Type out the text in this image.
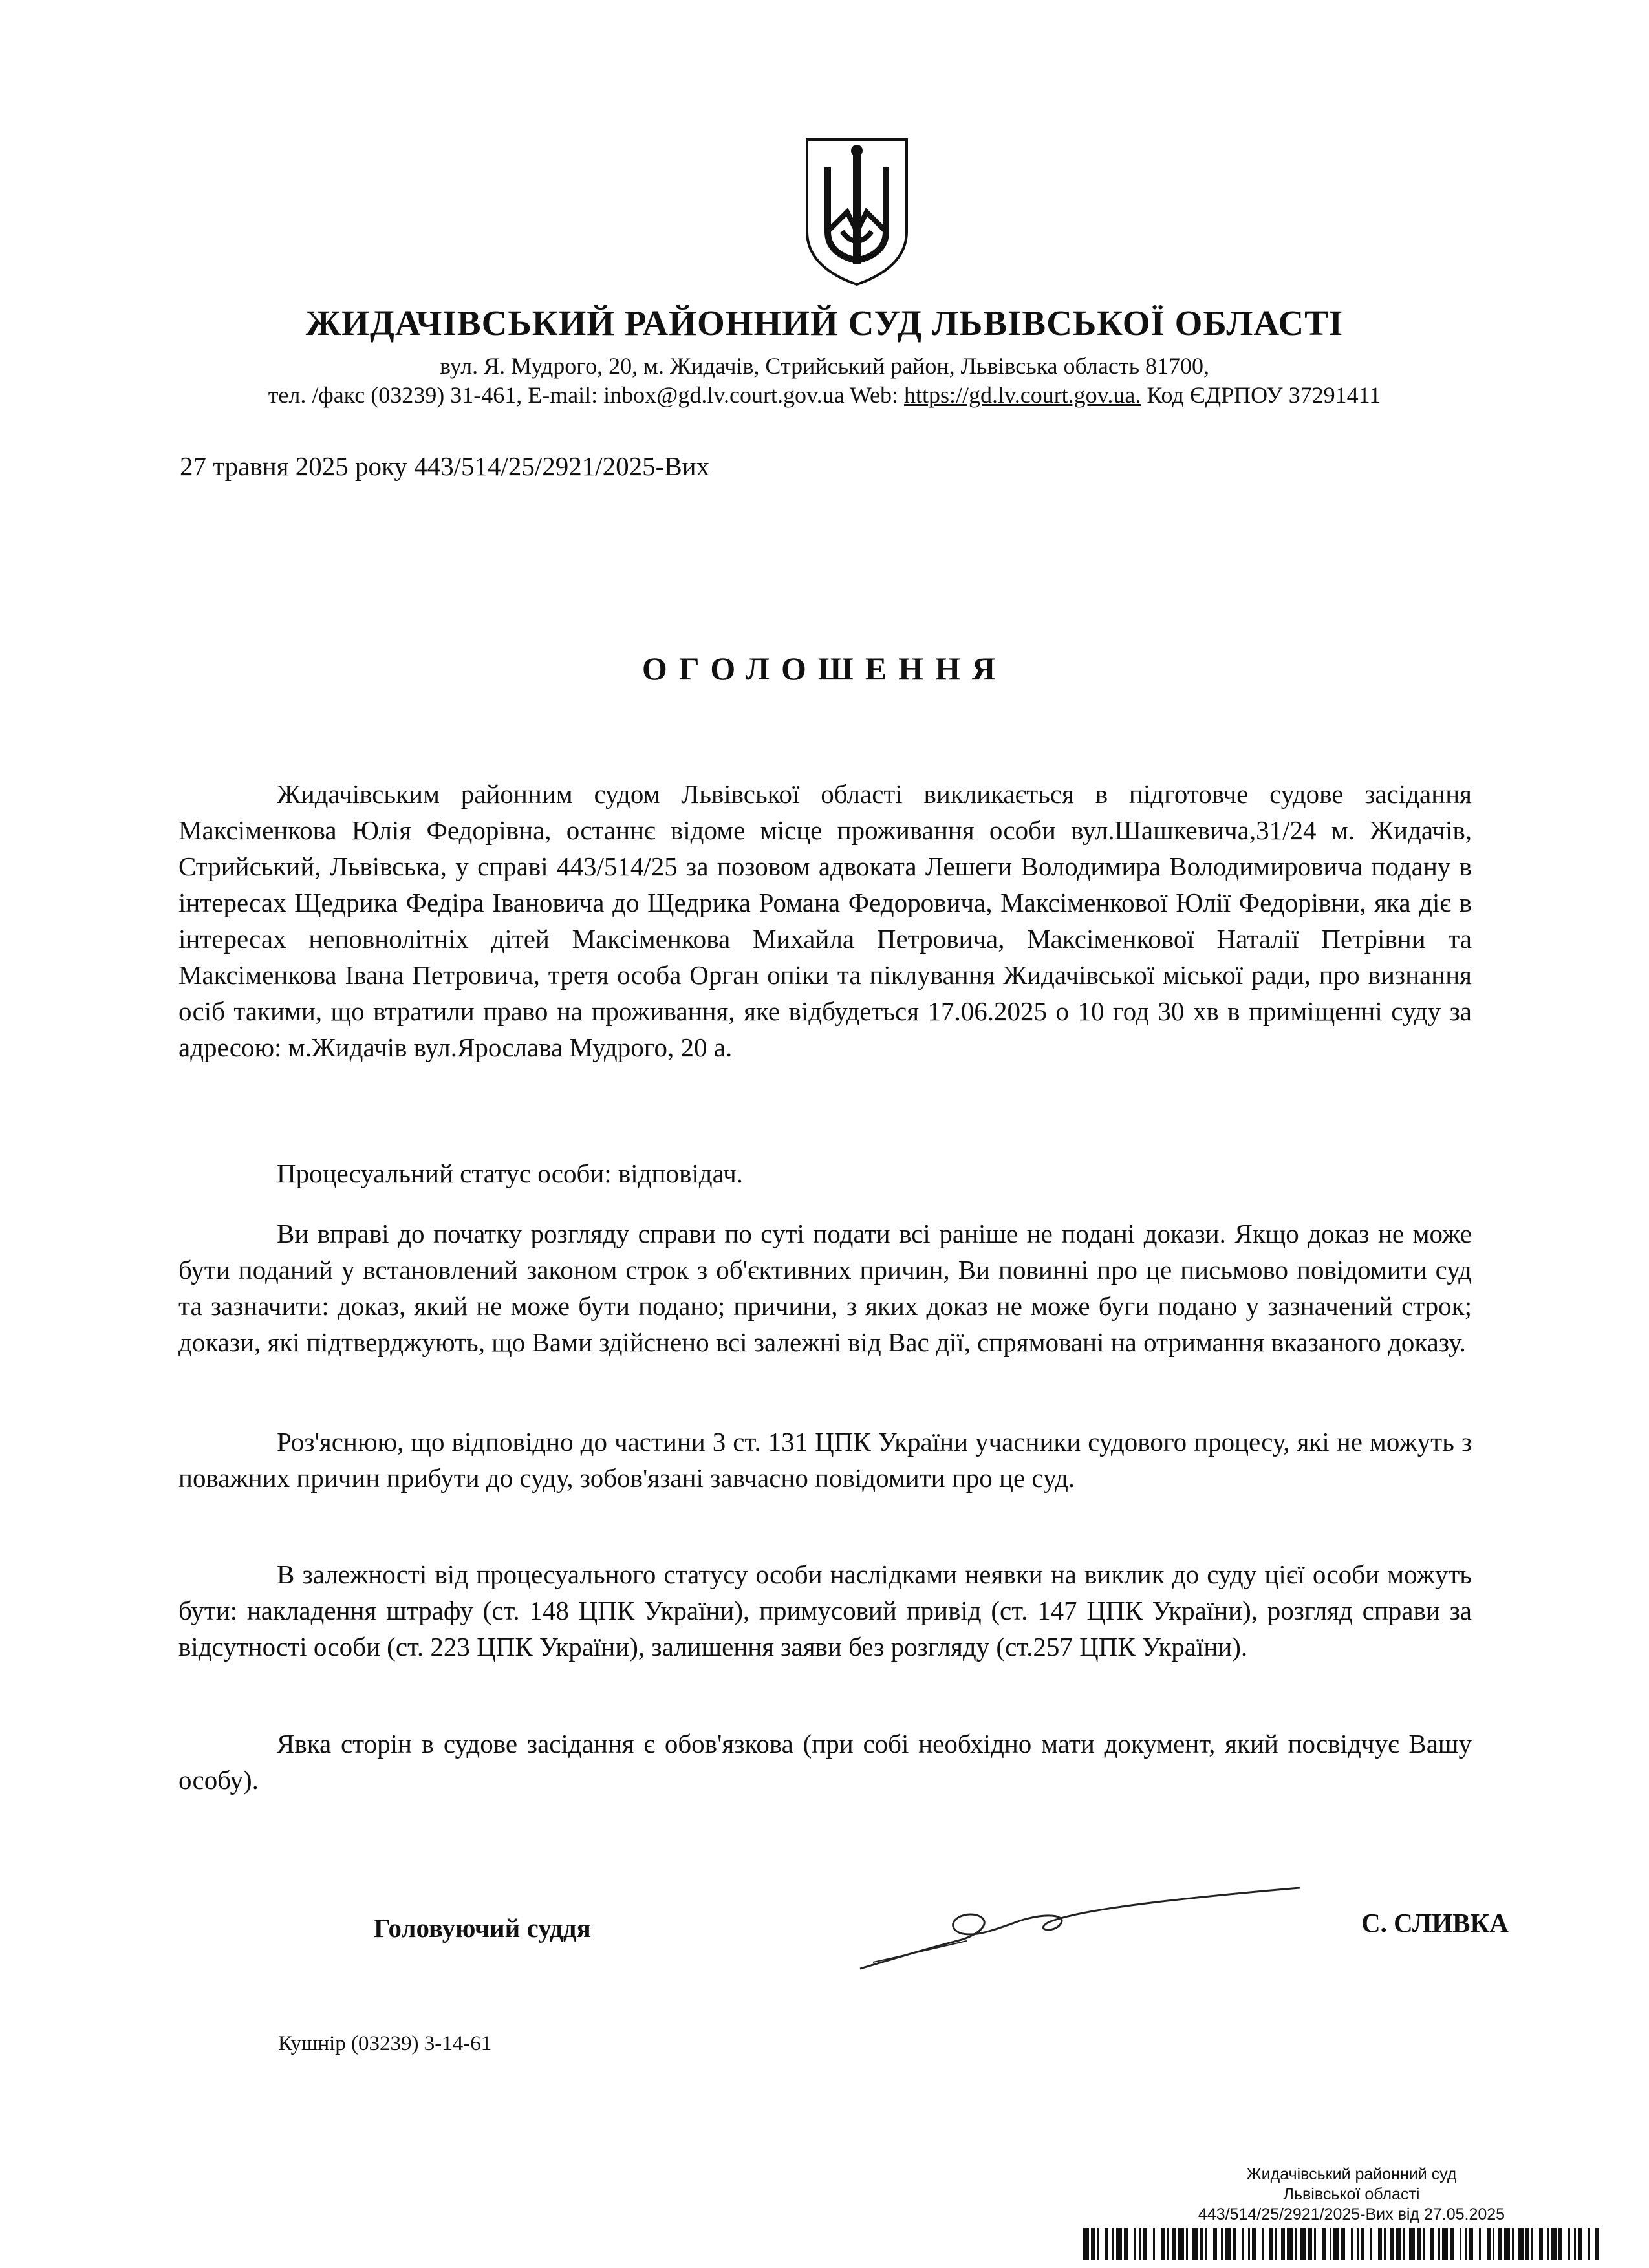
ЖИДАЧІВСЬКИЙ РАЙОННИЙ СУД ЛЬВІВСЬКОЇ ОБЛАСТІ
вул. Я. Мудрого, 20, м. Жидачів, Стрийський район, Львівська область 81700,
тел. /факс (03239) 31-461, E-mail: inbox@gd.lv.court.gov.ua Web: https://gd.lv.court.gov.ua. Код ЄДРПОУ 37291411
27 травня 2025 року 443/514/25/2921/2025-Вих
ОГОЛОШЕННЯ

Жидачівським районним судом Львівської області викликається в підготовче судове засідання Максіменкова Юлія Федорівна, останнє відоме місце проживання особи вул.Шашкевича,31/24 м. Жидачів, Стрийський, Львівська, у справі 443/514/25 за позовом адвоката Лешеги Володимира Володимировича подану в інтересах Щедрика Федіра Івановича до Щедрика Романа Федоровича, Максіменкової Юлії Федорівни, яка діє в інтересах неповнолітніх дітей Максіменкова Михайла Петровича, Максіменкової Наталії Петрівни та Максіменкова Івана Петровича, третя особа Орган опіки та піклування Жидачівської міської ради, про визнання осіб такими, що втратили право на проживання, яке відбудеться 17.06.2025 о 10 год 30 хв в приміщенні суду за адресою: м.Жидачів вул.Ярослава Мудрого, 20 а.

Процесуальний статус особи: відповідач.

Ви вправі до початку розгляду справи по суті подати всі раніше не подані докази. Якщо доказ не може бути поданий у встановлений законом строк з об'єктивних причин, Ви повинні про це письмово повідомити суд та зазначити: доказ, який не може бути подано; причини, з яких доказ не може буги подано у зазначений строк; докази, які підтверджують, що Вами здійснено всі залежні від Вас дії, спрямовані на отримання вказаного доказу.

Роз'яснюю, що відповідно до частини 3 ст. 131 ЦПК України учасники судового процесу, які не можуть з поважних причин прибути до суду, зобов'язані завчасно повідомити про це суд.

В залежності від процесуального статусу особи наслідками неявки на виклик до суду цієї особи можуть бути: накладення штрафу (ст. 148 ЦПК України), примусовий привід (ст. 147 ЦПК України), розгляд справи за відсутності особи (ст. 223 ЦПК України), залишення заяви без розгляду (ст.257 ЦПК України).

Явка сторін в судове засідання є обов'язкова (при собі необхідно мати документ, який посвідчує Вашу особу).

Головуючий суддя	С. СЛИВКА
Кушнір (03239) 3-14-61
Жидачівський районний суд
Львівської області
443/514/25/2921/2025-Вих від 27.05.2025
